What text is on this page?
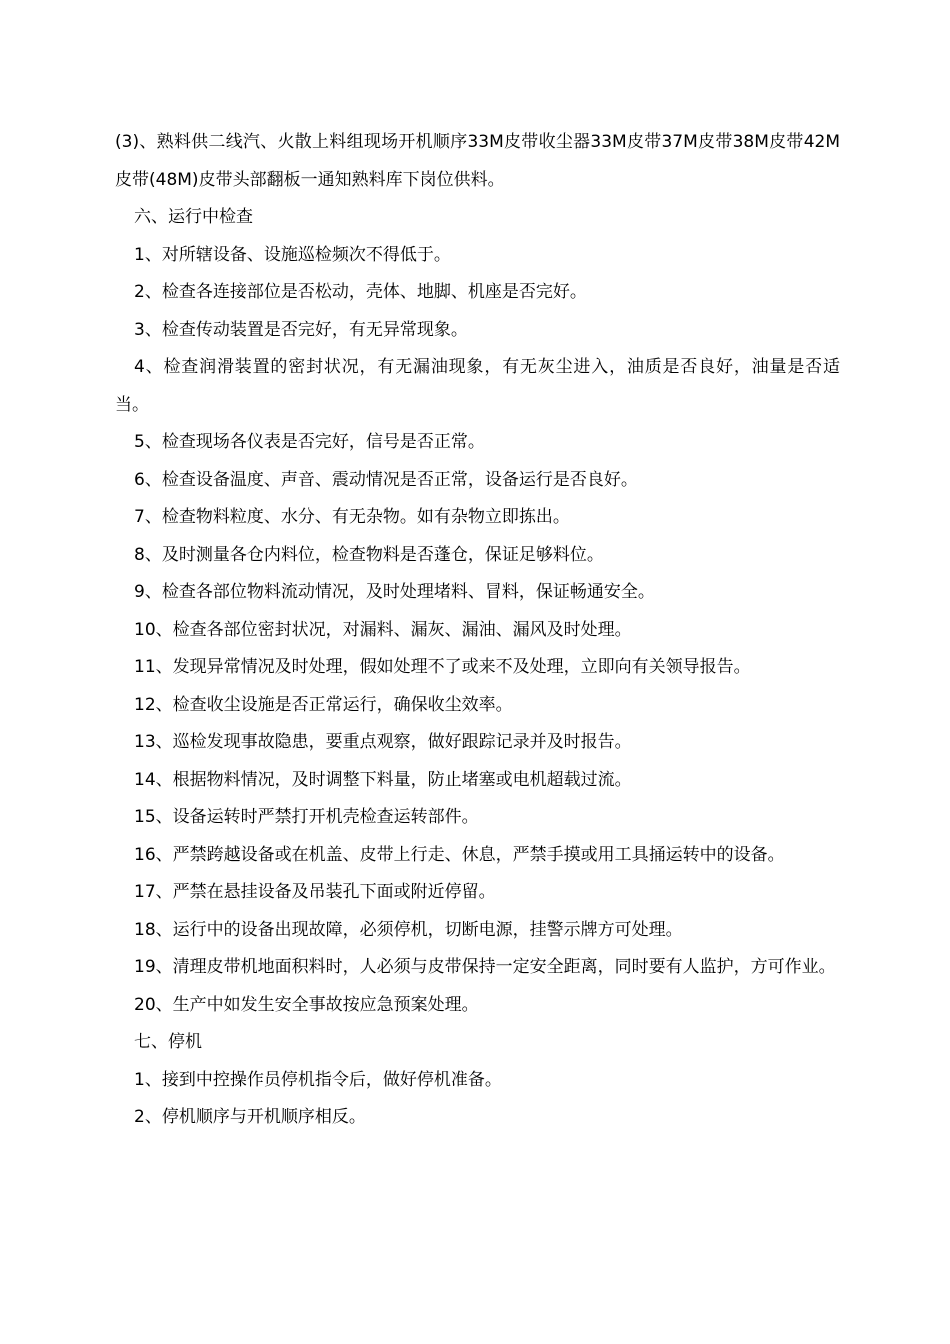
(3)、熟料供二线汽、火散上料组现场开机顺序33M皮带收尘器33M皮带37M皮带38M皮带42M皮带(48M)皮带头部翻板一通知熟料库下岗位供料。

六、运行中检查

1、对所辖设备、设施巡检频次不得低于。

2、检查各连接部位是否松动，壳体、地脚、机座是否完好。

3、检查传动装置是否完好，有无异常现象。

4、检查润滑装置的密封状况，有无漏油现象，有无灰尘进入，油质是否良好，油量是否适当。

5、检查现场各仪表是否完好，信号是否正常。

6、检查设备温度、声音、震动情况是否正常，设备运行是否良好。

7、检查物料粒度、水分、有无杂物。如有杂物立即拣出。

8、及时测量各仓内料位，检查物料是否蓬仓，保证足够料位。

9、检查各部位物料流动情况，及时处理堵料、冒料，保证畅通安全。

10、检查各部位密封状况，对漏料、漏灰、漏油、漏风及时处理。

11、发现异常情况及时处理，假如处理不了或来不及处理，立即向有关领导报告。

12、检查收尘设施是否正常运行，确保收尘效率。

13、巡检发现事故隐患，要重点观察，做好跟踪记录并及时报告。

14、根据物料情况，及时调整下料量，防止堵塞或电机超载过流。

15、设备运转时严禁打开机壳检查运转部件。

16、严禁跨越设备或在机盖、皮带上行走、休息，严禁手摸或用工具捅运转中的设备。

17、严禁在悬挂设备及吊装孔下面或附近停留。

18、运行中的设备出现故障，必须停机，切断电源，挂警示牌方可处理。

19、清理皮带机地面积料时，人必须与皮带保持一定安全距离，同时要有人监护，方可作业。

20、生产中如发生安全事故按应急预案处理。

七、停机

1、接到中控操作员停机指令后，做好停机准备。

2、停机顺序与开机顺序相反。
